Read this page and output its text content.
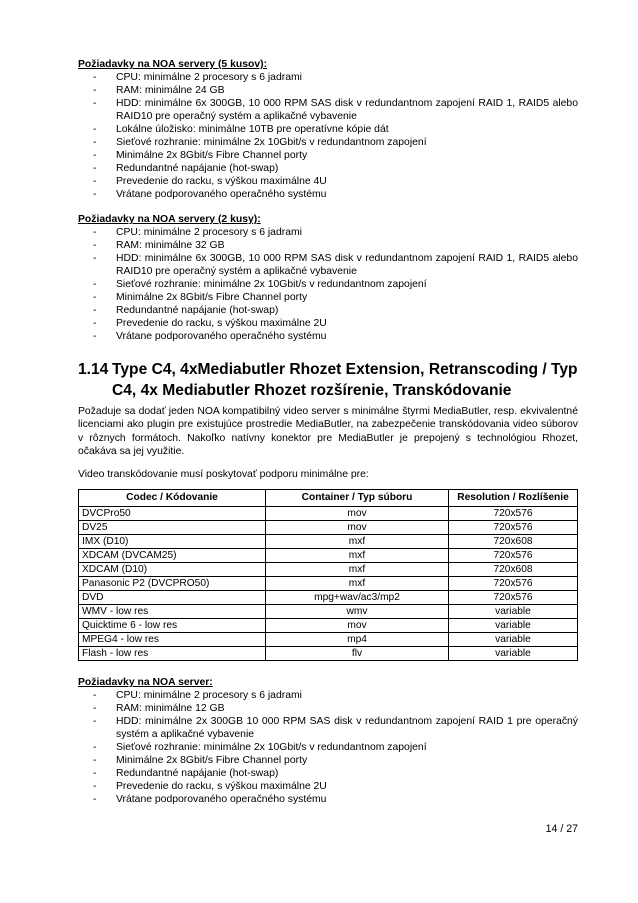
Požiadavky na NOA servery (5 kusov):
- CPU: minimálne 2 procesory s 6 jadrami
- RAM: minimálne 24 GB
- HDD: minimálne 6x 300GB, 10 000 RPM SAS disk v redundantnom zapojení RAID 1, RAID5 alebo RAID10 pre operačný systém a aplikačné vybavenie
- Lokálne úložisko: minimálne 10TB pre operatívne kópie dát
- Sieťové rozhranie: minimálne 2x 10Gbit/s v redundantnom zapojení
- Minimálne 2x 8Gbit/s Fibre Channel porty
- Redundantné napájanie (hot-swap)
- Prevedenie do racku, s výškou maximálne 4U
- Vrátane podporovaného operačného systému
Požiadavky na NOA servery (2 kusy):
- CPU: minimálne 2 procesory s 6 jadrami
- RAM: minimálne 32 GB
- HDD: minimálne 6x 300GB, 10 000 RPM SAS disk v redundantnom zapojení RAID 1, RAID5 alebo RAID10 pre operačný systém a aplikačné vybavenie
- Sieťové rozhranie: minimálne 2x 10Gbit/s v redundantnom zapojení
- Minimálne 2x 8Gbit/s Fibre Channel porty
- Redundantné napájanie (hot-swap)
- Prevedenie do racku, s výškou maximálne 2U
- Vrátane podporovaného operačného systému
1.14 Type C4, 4xMediabutler Rhozet Extension, Retranscoding / Typ C4, 4x Mediabutler Rhozet rozšírenie, Transkódovanie

Požaduje sa dodať jeden NOA kompatibilný video server s minimálne štyrmi MediaButler, resp. ekvivalentné licenciami ako plugin pre existujúce prostredie MediaButler, na zabezpečenie transkódovania video súborov v rôznych formátoch. Nakoľko natívny konektor pre MediaButler je prepojený s technológiou Rhozet, očakáva sa jej využitie.

Video transkódovanie musí poskytovať podporu minimálne pre:

Codec / Kódovanie	Container / Typ súboru	Resolution / Rozlíšenie
DVCPro50	mov	720x576
DV25	mov	720x576
IMX (D10)	mxf	720x608
XDCAM (DVCAM25)	mxf	720x576
XDCAM (D10)	mxf	720x608
Panasonic P2 (DVCPRO50)	mxf	720x576
DVD	mpg+wav/ac3/mp2	720x576
WMV - low res	wmv	variable
Quicktime 6 - low res	mov	variable
MPEG4 - low res	mp4	variable
Flash - low res	flv	variable
Požiadavky na NOA server:
- CPU: minimálne 2 procesory s 6 jadrami
- RAM: minimálne 12 GB
- HDD: minimálne 2x 300GB 10 000 RPM SAS disk v redundantnom zapojení RAID 1 pre operačný systém a aplikačné vybavenie
- Sieťové rozhranie: minimálne 2x 10Gbit/s v redundantnom zapojení
- Minimálne 2x 8Gbit/s Fibre Channel porty
- Redundantné napájanie (hot-swap)
- Prevedenie do racku, s výškou maximálne 2U
- Vrátane podporovaného operačného systému
14 / 27
